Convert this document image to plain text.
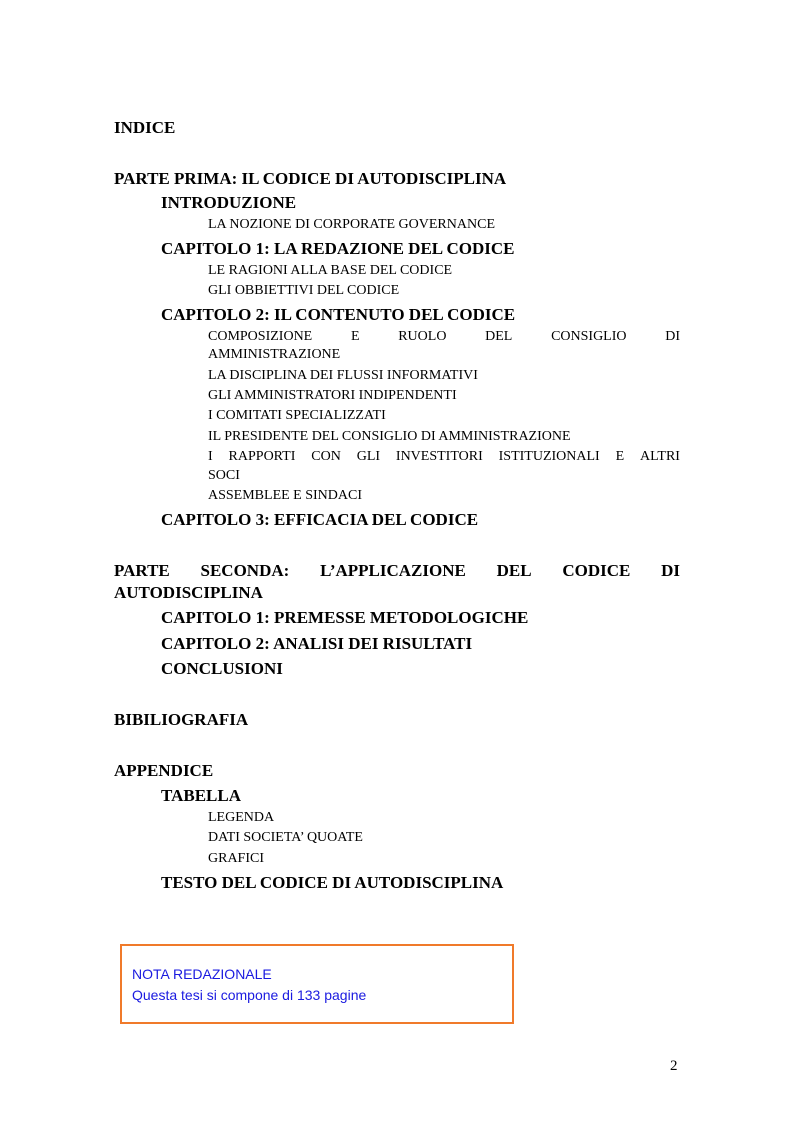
INDICE
PARTE PRIMA: IL CODICE DI AUTODISCIPLINA
INTRODUZIONE
LA NOZIONE DI CORPORATE GOVERNANCE
CAPITOLO 1: LA REDAZIONE DEL CODICE
LE RAGIONI ALLA BASE DEL CODICE
GLI OBBIETTIVI DEL CODICE
CAPITOLO 2: IL CONTENUTO DEL CODICE
COMPOSIZIONE	E	RUOLO	DEL	CONSIGLIO	DI
AMMINISTRAZIONE
LA DISCIPLINA DEI FLUSSI INFORMATIVI
GLI AMMINISTRATORI INDIPENDENTI
I COMITATI SPECIALIZZATI
IL PRESIDENTE DEL CONSIGLIO DI AMMINISTRAZIONE
I RAPPORTI CON GLI INVESTITORI ISTITUZIONALI E ALTRI
SOCI
ASSEMBLEE E SINDACI
CAPITOLO 3: EFFICACIA DEL CODICE
PARTE SECONDA: L’APPLICAZIONE DEL CODICE DI
AUTODISCIPLINA
CAPITOLO 1: PREMESSE METODOLOGICHE
CAPITOLO 2: ANALISI DEI RISULTATI
CONCLUSIONI
BIBILIOGRAFIA
APPENDICE
TABELLA
LEGENDA
DATI SOCIETA’ QUOATE
GRAFICI
TESTO DEL CODICE DI AUTODISCIPLINA
NOTA REDAZIONALE
Questa tesi si compone di 133 pagine
2
